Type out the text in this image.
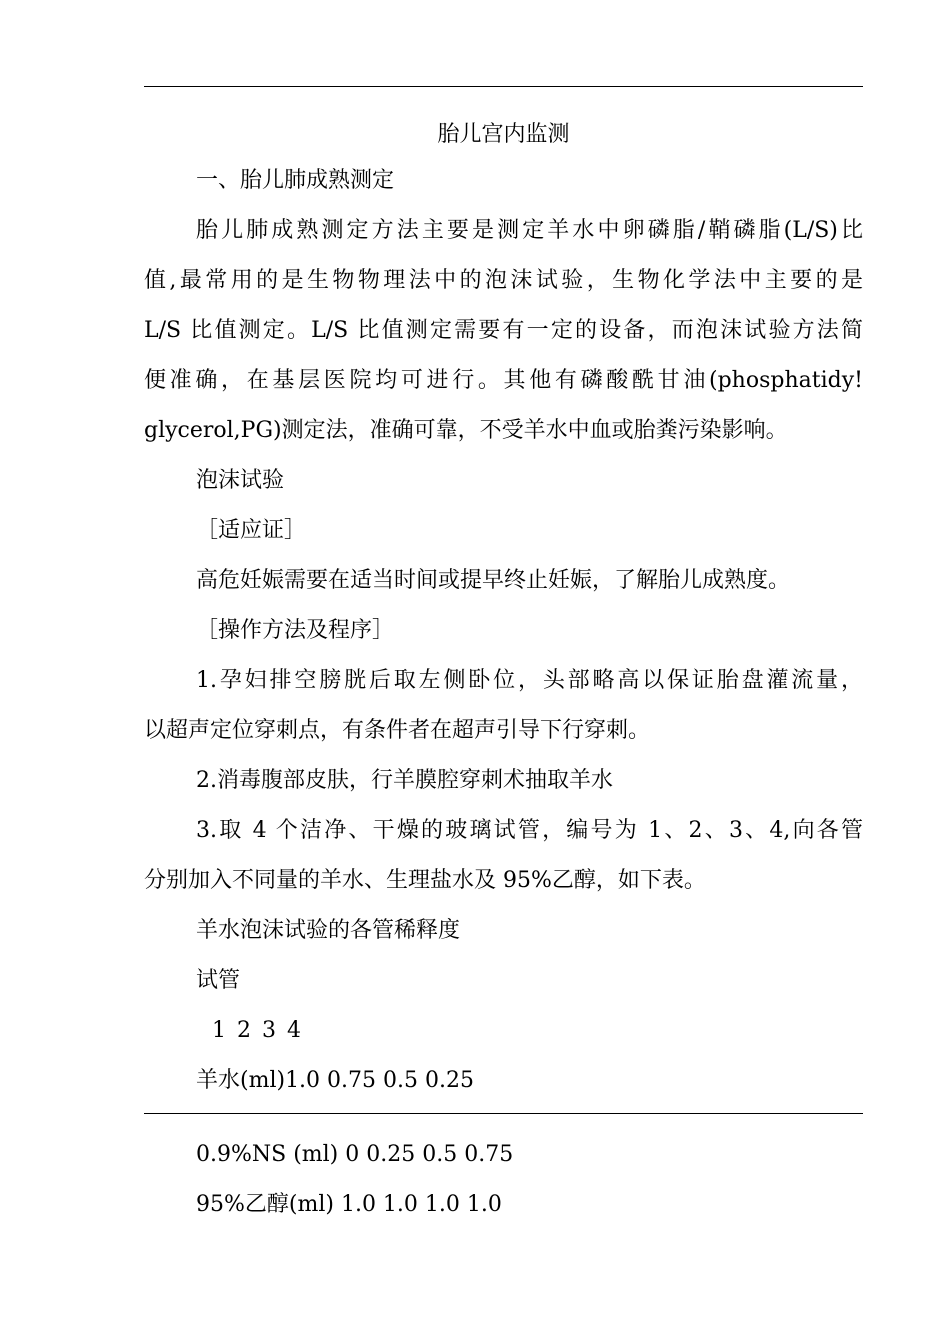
胎儿宫内监测
一、胎儿肺成熟测定
胎儿肺成熟测定方法主要是测定羊水中卵磷脂/鞘磷脂(L/S)比
值,最常用的是生物物理法中的泡沫试验，生物化学法中主要的是
L/S 比值测定。L/S 比值测定需要有一定的设备，而泡沫试验方法简
便准确，在基层医院均可进行。其他有磷酸酰甘油(phosphatidy!
glycerol,PG)测定法，准确可靠，不受羊水中血或胎粪污染影响。
泡沫试验
［适应证］
高危妊娠需要在适当时间或提早终止妊娠，了解胎儿成熟度。
［操作方法及程序］
1.孕妇排空膀胱后取左侧卧位，头部略高以保证胎盘灌流量，
以超声定位穿刺点，有条件者在超声引导下行穿刺。
2.消毒腹部皮肤，行羊膜腔穿刺术抽取羊水
3.取 4 个洁净、干燥的玻璃试管，编号为 1、2、3、4,向各管
分别加入不同量的羊水、生理盐水及 95%乙醇，如下表。
羊水泡沫试验的各管稀释度
试管
1 2 3 4
羊水(ml)1.0 0.75 0.5 0.25
0.9%NS (ml) 0 0.25 0.5 0.75
95%乙醇(ml) 1.0 1.0 1.0 1.0
